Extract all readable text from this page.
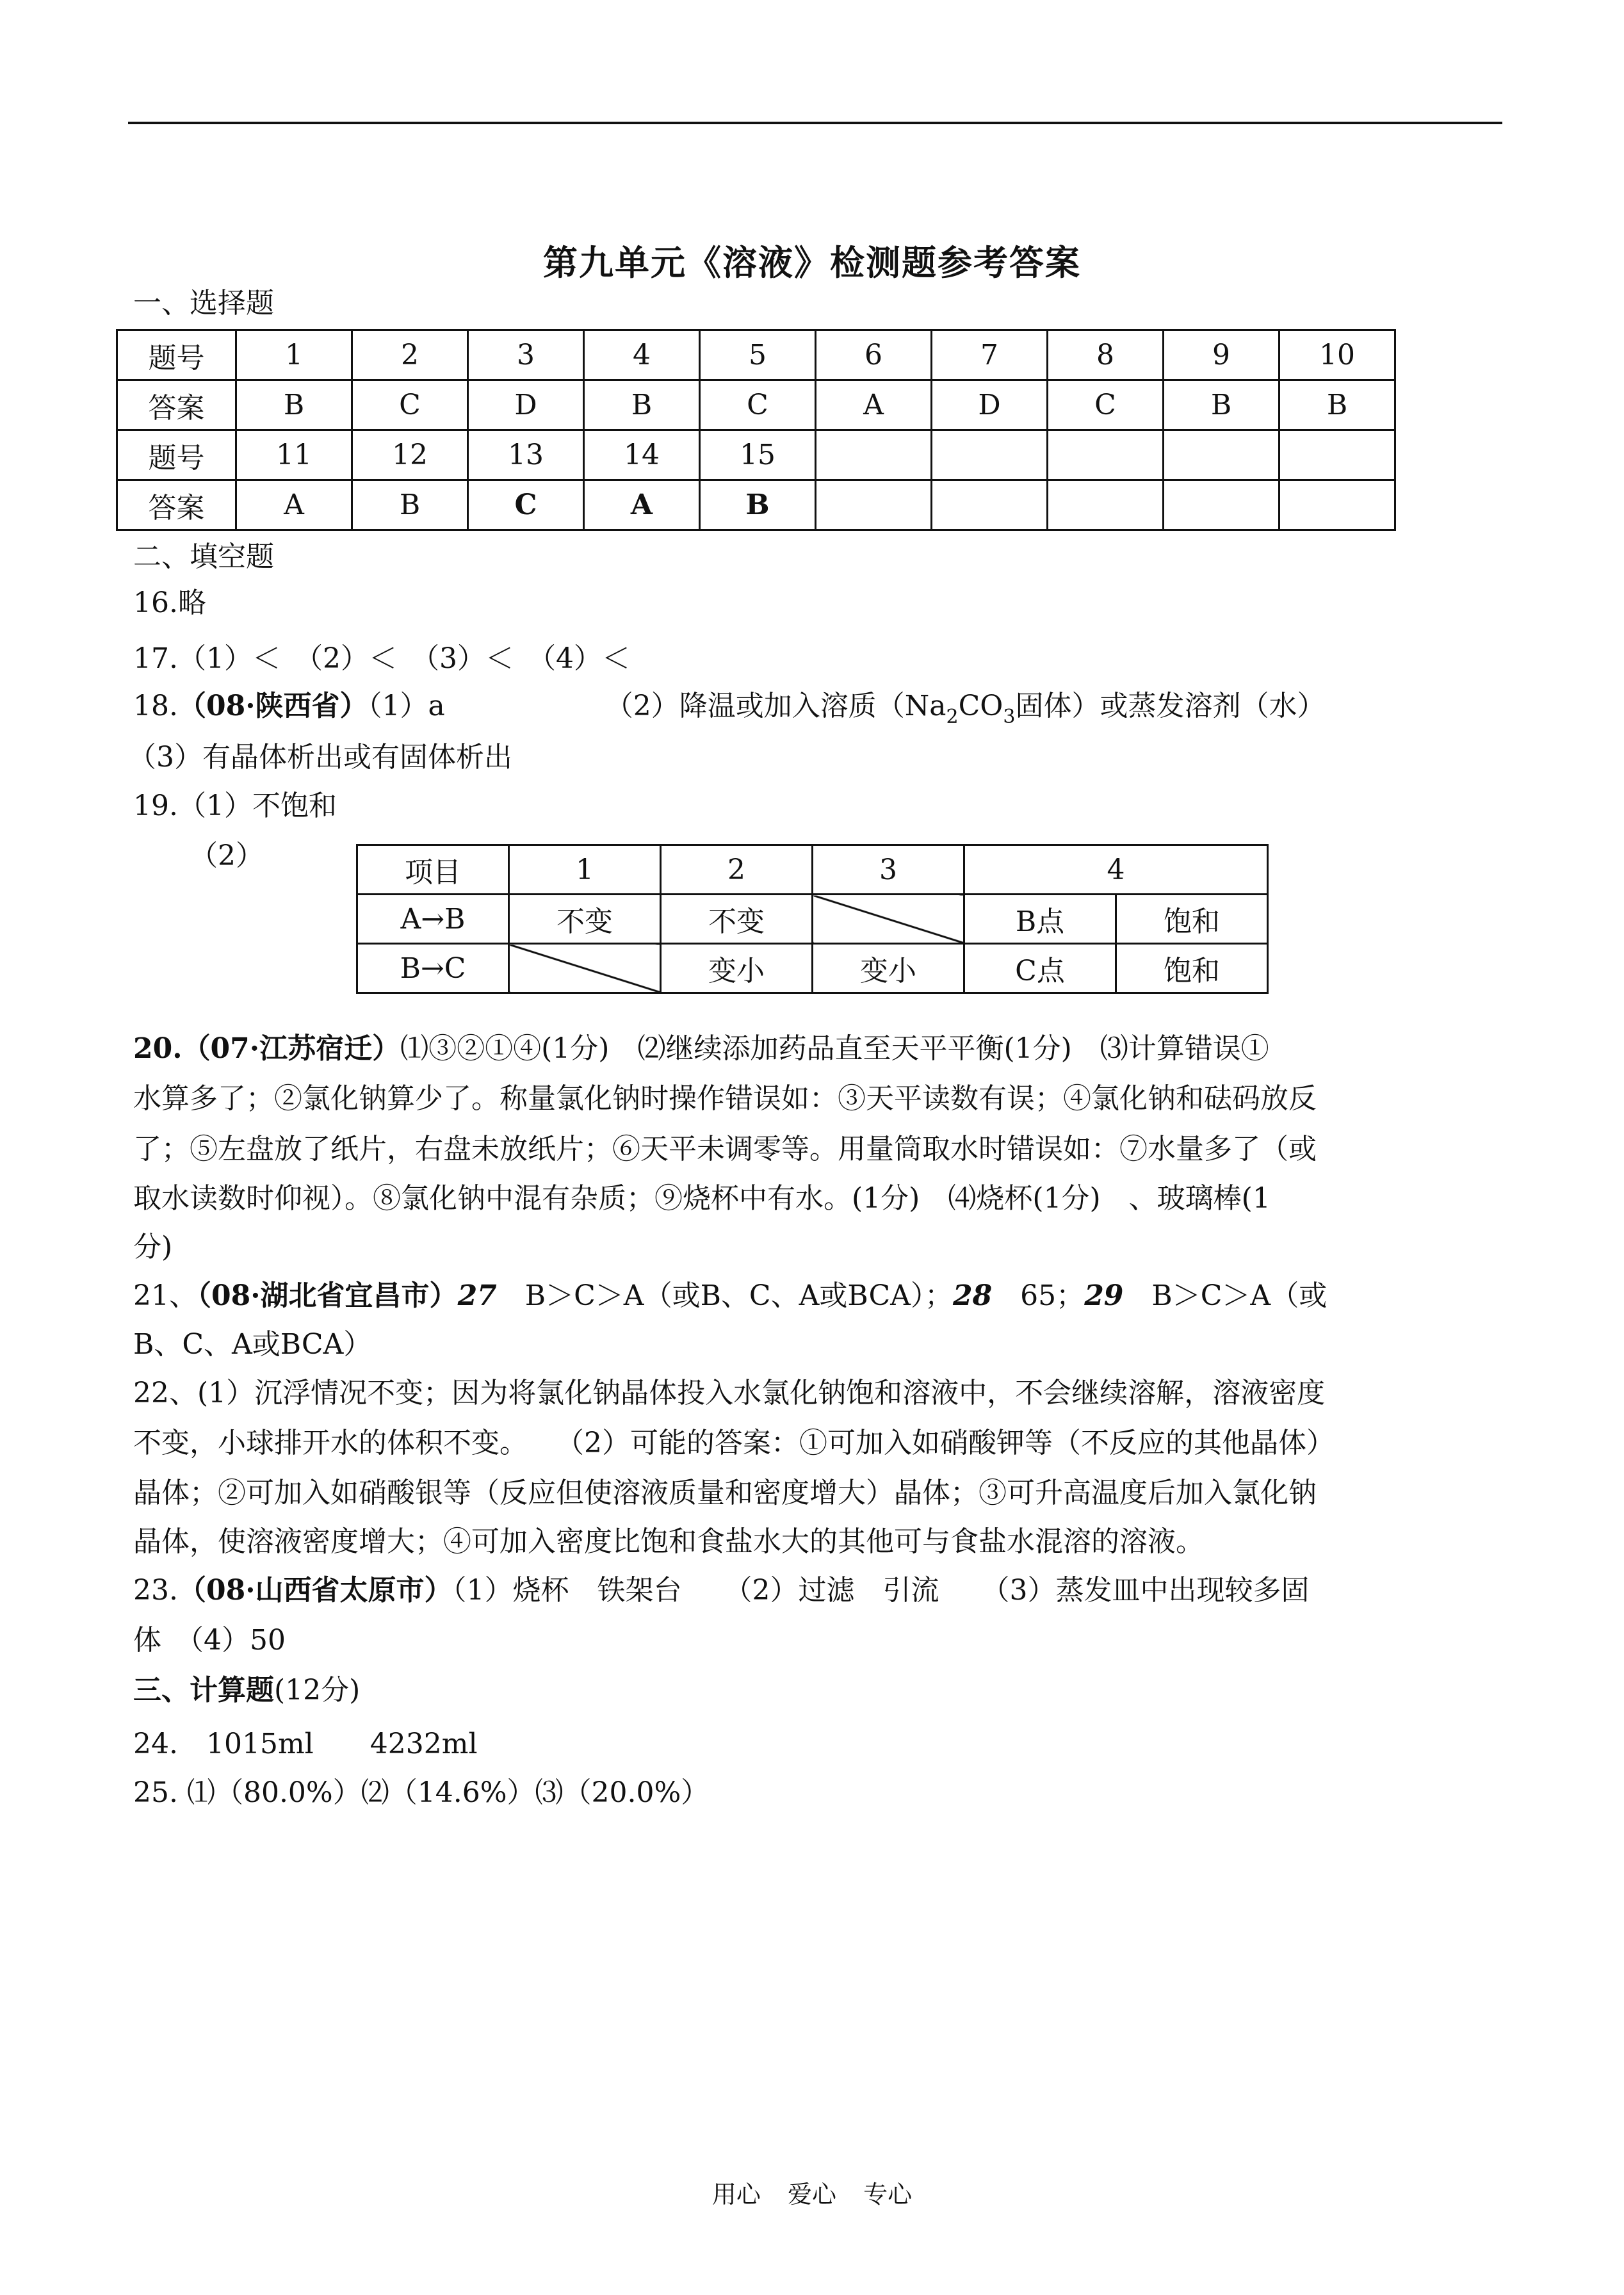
第九单元《溶液》检测题参考答案
一、选择题
题号	1	2	3	4	5	6	7	8	9	10
答案	B	C	D	B	C	A	D	C	B	B
题号	11	12	13	14	15					
答案	A	B	C	A	B					
二、填空题
16.略
17.（1）＜　（2）＜　（3）＜　（4）＜
18.（08·陕西省）（1）a	（2）降温或加入溶质（$Na_2CO_3$固体）或蒸发溶剂（水）
（3）有晶体析出或有固体析出
19.（1）不饱和
（2）
项目	1	2	3	4	
A→B	不变	不变		B点	饱和
B→C		变小	变小	C点	饱和
20.（07·江苏宿迁）⑴③②①④(1分)　⑵继续添加药品直至天平平衡(1分)　⑶计算错误①
水算多了；②氯化钠算少了。称量氯化钠时操作错误如：③天平读数有误；④氯化钠和砝码放反
了；⑤左盘放了纸片，右盘未放纸片；⑥天平未调零等。用量筒取水时错误如：⑦水量多了（或
取水读数时仰视）。⑧氯化钠中混有杂质；⑨烧杯中有水。(1分)　⑷烧杯(1分)　、玻璃棒(1
分)
21、（08·湖北省宜昌市）27　B＞C＞A（或B、C、A或BCA）；28　65；29　B＞C＞A（或
B、C、A或BCA）
22、(1）沉浮情况不变；因为将氯化钠晶体投入水氯化钠饱和溶液中，不会继续溶解，溶液密度
不变，小球排开水的体积不变。　　（2）可能的答案：①可加入如硝酸钾等（不反应的其他晶体）
晶体；②可加入如硝酸银等（反应但使溶液质量和密度增大）晶体；③可升高温度后加入氯化钠
晶体，使溶液密度增大；④可加入密度比饱和食盐水大的其他可与食盐水混溶的溶液。
23.（08·山西省太原市）（1）烧杯　铁架台　　（2）过滤　引流　　（3）蒸发皿中出现较多固
体　（4）50
三、计算题(12分)
24.　1015ml　　4232ml
25. ⑴（80.0%）⑵（14.6%）⑶（20.0%）
用心 爱心 专心
